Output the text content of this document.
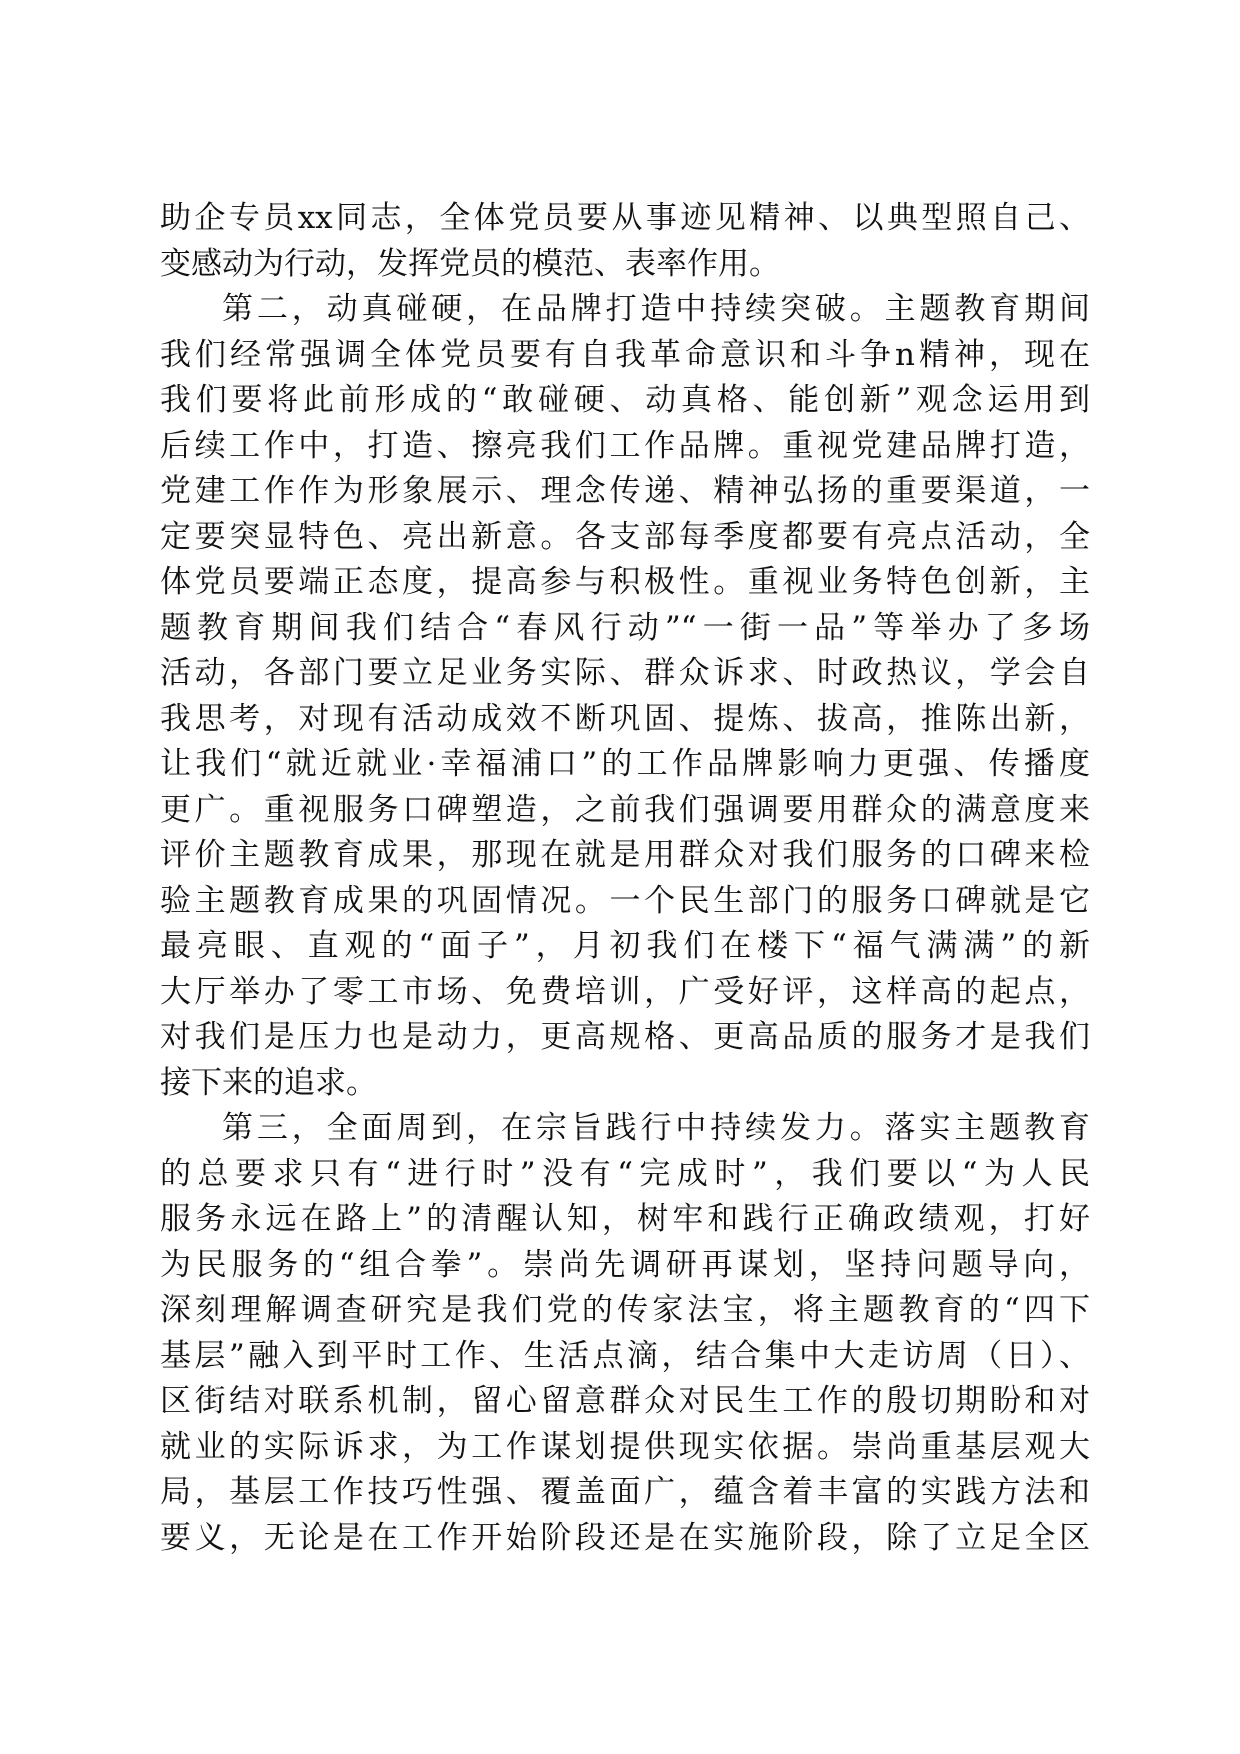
助企专员xx同志，全体党员要从事迹见精神、以典型照自己、
变感动为行动，发挥党员的模范、表率作用。
第二，动真碰硬，在品牌打造中持续突破。主题教育期间
我们经常强调全体党员要有自我革命意识和斗争n精神，现在
我们要将此前形成的“敢碰硬、动真格、能创新”观念运用到
后续工作中，打造、擦亮我们工作品牌。重视党建品牌打造，
党建工作作为形象展示、理念传递、精神弘扬的重要渠道，一
定要突显特色、亮出新意。各支部每季度都要有亮点活动，全
体党员要端正态度，提高参与积极性。重视业务特色创新，主
题教育期间我们结合“春风行动”“一街一品”等举办了多场
活动，各部门要立足业务实际、群众诉求、时政热议，学会自
我思考，对现有活动成效不断巩固、提炼、拔高，推陈出新，
让我们“就近就业·幸福浦口”的工作品牌影响力更强、传播度
更广。重视服务口碑塑造，之前我们强调要用群众的满意度来
评价主题教育成果，那现在就是用群众对我们服务的口碑来检
验主题教育成果的巩固情况。一个民生部门的服务口碑就是它
最亮眼、直观的“面子”，月初我们在楼下“福气满满”的新
大厅举办了零工市场、免费培训，广受好评，这样高的起点，
对我们是压力也是动力，更高规格、更高品质的服务才是我们
接下来的追求。
第三，全面周到，在宗旨践行中持续发力。落实主题教育
的总要求只有“进行时”没有“完成时”，我们要以“为人民
服务永远在路上”的清醒认知，树牢和践行正确政绩观，打好
为民服务的“组合拳”。崇尚先调研再谋划，坚持问题导向，
深刻理解调查研究是我们党的传家法宝，将主题教育的“四下
基层”融入到平时工作、生活点滴，结合集中大走访周（日）、
区街结对联系机制，留心留意群众对民生工作的殷切期盼和对
就业的实际诉求，为工作谋划提供现实依据。崇尚重基层观大
局，基层工作技巧性强、覆盖面广，蕴含着丰富的实践方法和
要义，无论是在工作开始阶段还是在实施阶段，除了立足全区
